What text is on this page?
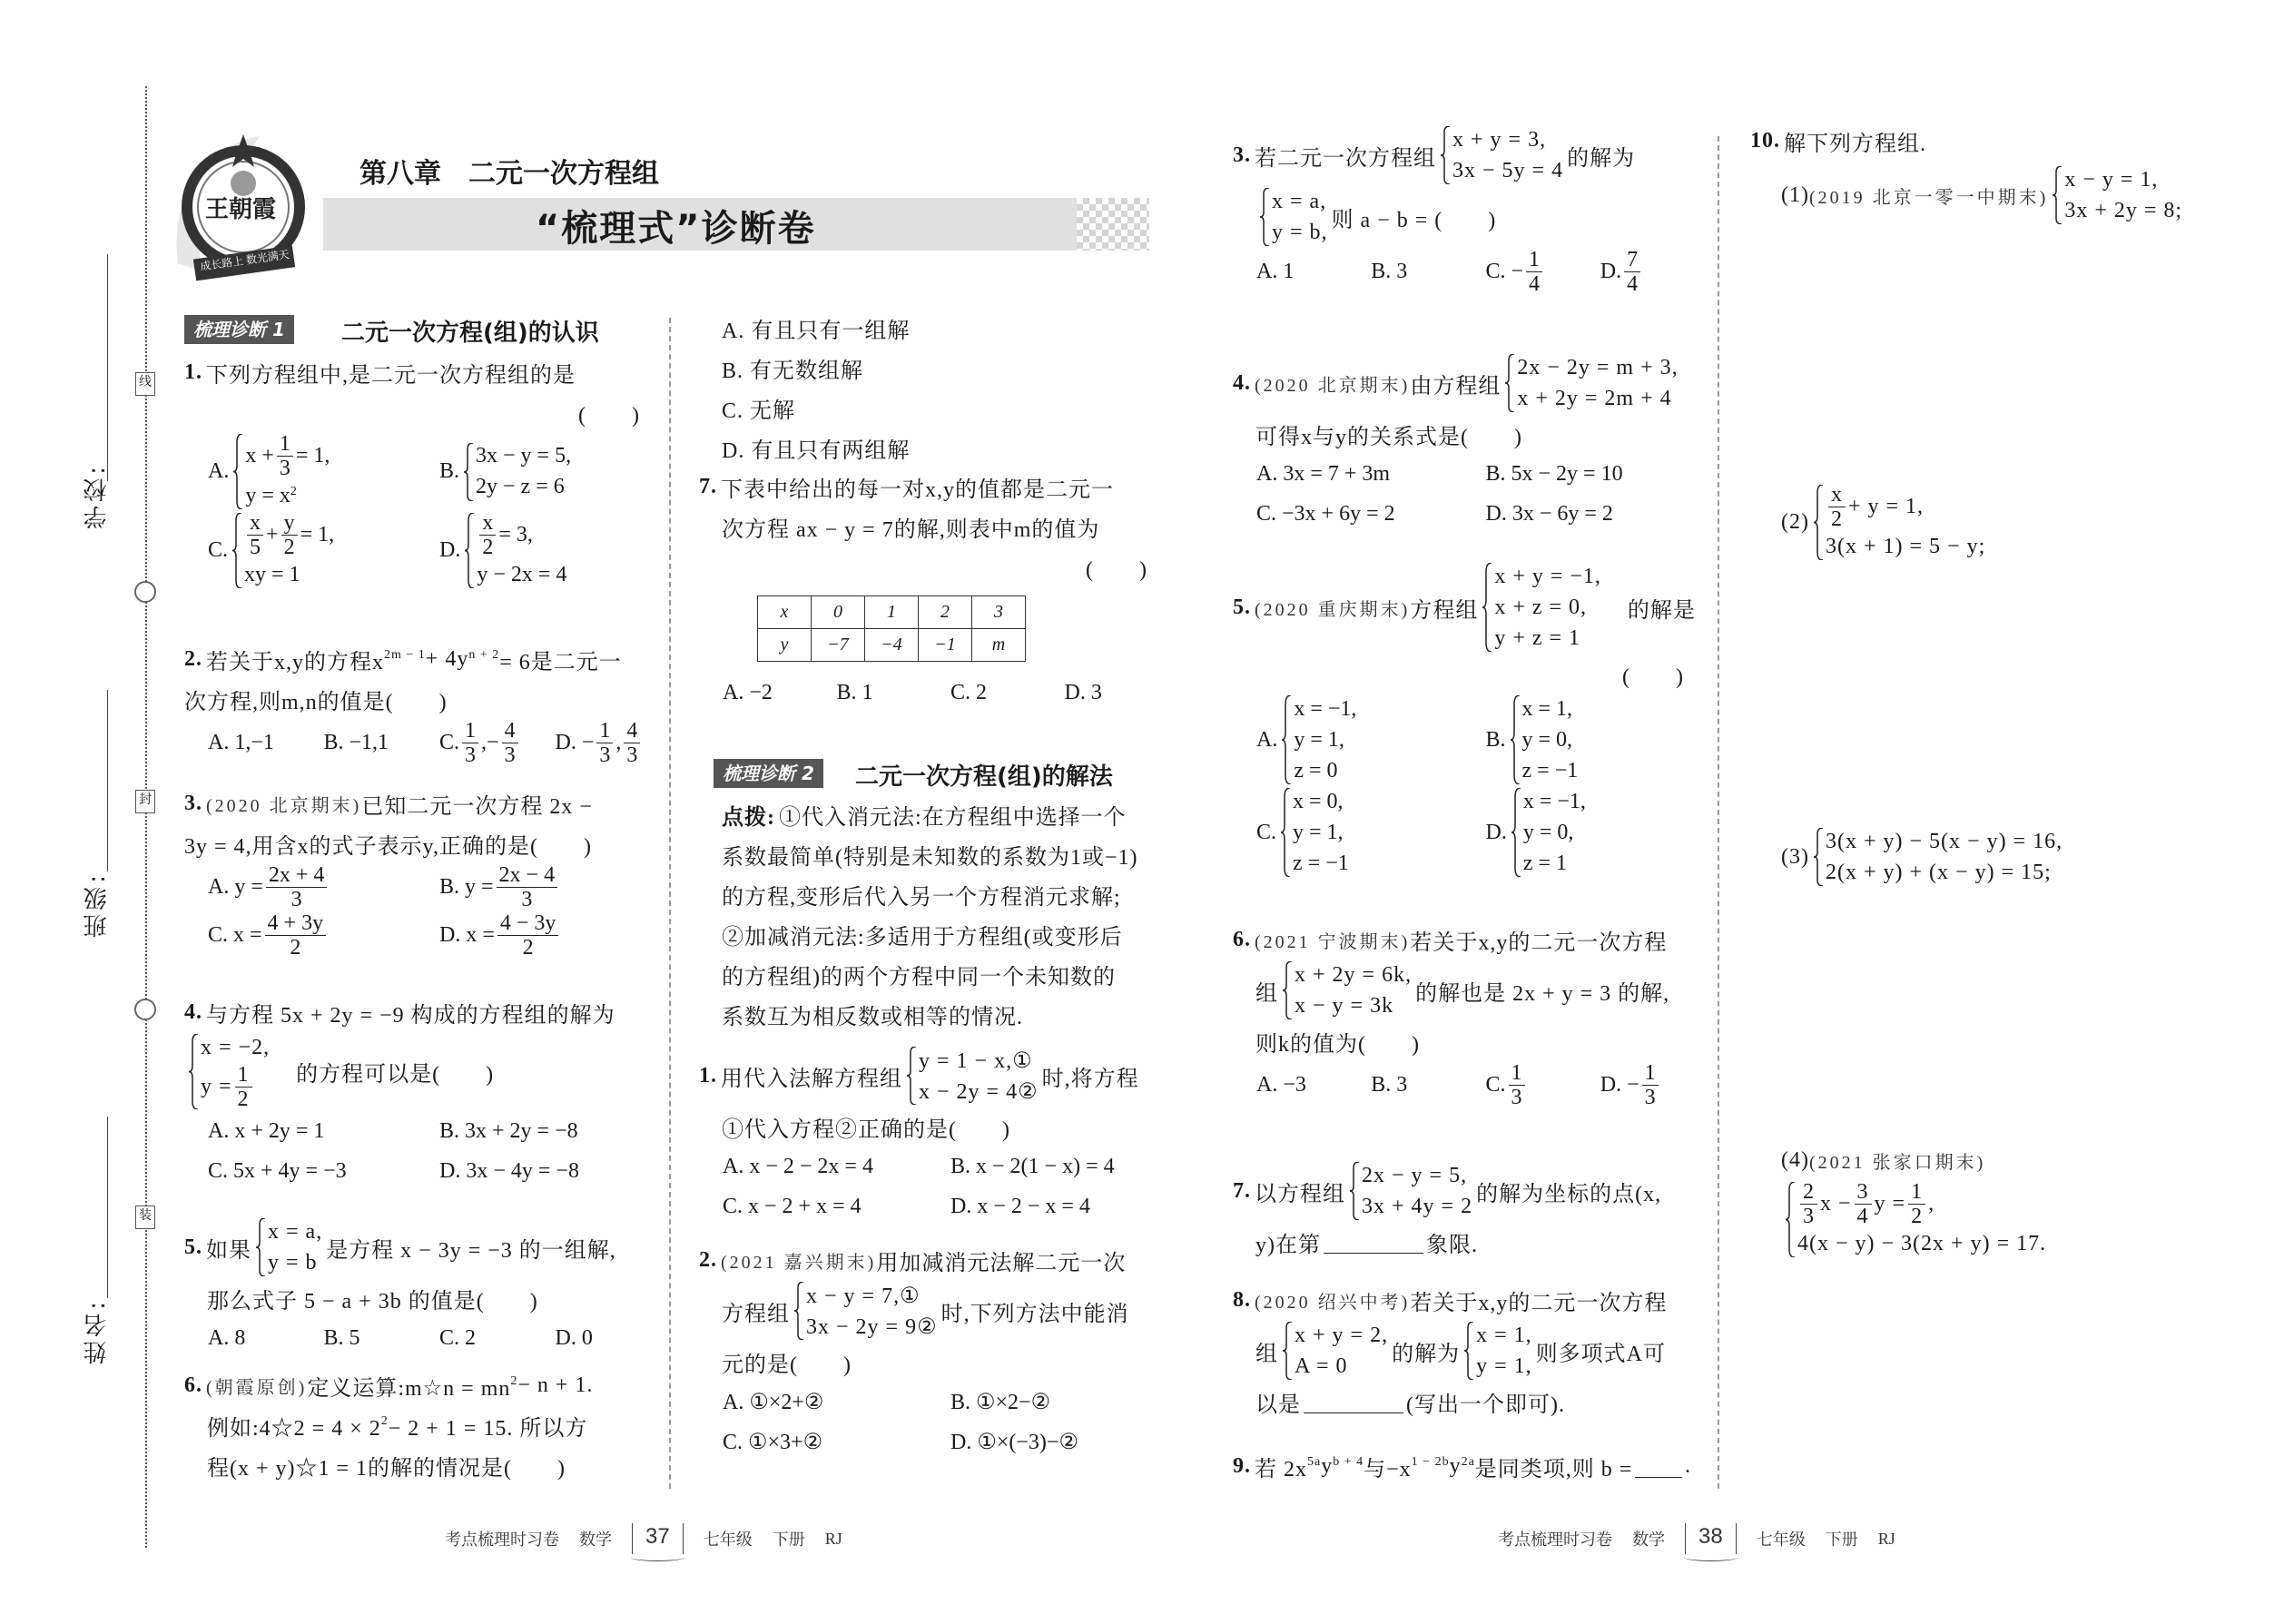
学校:
班级:
姓名:
线
封
装
王朝霞
成长路上 数光满天
第八章　二元一次方程组
“梳理式”诊断卷
梳理诊断 1	二元一次方程(组)的认识
梳理诊断 2	二元一次方程(组)的解法
1. 下列方程组中,是二元一次方程组的是
(　　)
A.
$x + \frac{1}{3} = 1$,
$y = x^2$
B.
3x − y = 5,
2y − z = 6
C. $\frac{x}{5} + \frac{y}{2} = 1$,
xy = 1
D. $\frac{x}{2} = 3$,
y − 2x = 4
2. 若关于x,y的方程$x^{2m - 1} + 4y^{n + 2} = 6$是二元一
次方程,则m,n的值是(　　)
A. 1,−1 B. −1,1 C. $\frac{1}{3}$ ,− $\frac{4}{3} D$. − $\frac{1}{3}$ , $\frac{4}{3}$
3. (2020 北京期末) 已知二元一次方程 2x −
3y = 4,用含x的式子表示y,正确的是(　　)
A. $y = \frac{2x + 4}{3}$	B. $y = \frac{2x - 4}{3}$
C. $x = \frac{4 + 3y}{2}$	D. $x = \frac{4 - 3y}{2}$
4. 与方程 5x + 2y = −9 构成的方程组的解为
x = −2,
$y = \frac{1}{2}$ 　的方程可以是(　　)
A. x + 2y = 1	B. 3x + 2y = −8
C. 5x + 4y = −3	D. 3x − 4y = −8
5. 如果
x = a,
y = b 是方程 x − 3y = −3 的一组解,
　那么式子 5 − a + 3b 的值是(　　)
A. 8	B. 5	C. 2	D. 0
6. (朝霞原创) 定义运算:m☆n = $mn^2 - n + 1$.
　例如:4☆2 = $4 \times 2^2 - 2 + 1 = 15$. 所以方
　程(x + y)☆1 = 1的解的情况是(　　)
A. 有且只有一组解
B. 有无数组解
C. 无解
D. 有且只有两组解
7. 下表中给出的每一对x,y的值都是二元一
　次方程 ax − y = 7的解,则表中m的值为
(　　)
x	0	1	2	3
y	−7	−4	−1	m
A. −2	B. 1	C. 2	D. 3
点拨: ①代入消元法:在方程组中选择一个
系数最简单(特别是未知数的系数为1或−1)
的方程,变形后代入另一个方程消元求解;
②加减消元法:多适用于方程组(或变形后
的方程组)的两个方程中同一个未知数的
系数互为相反数或相等的情况.
1. 用代入法解方程组
y = 1 − x,①
x − 2y = 4②
时,将方程
　①代入方程②正确的是(　　)
A. x − 2 − 2x = 4	B. x − 2(1 − x) = 4
C. x − 2 + x = 4	D. x − 2 − x = 4
2. (2021 嘉兴期末) 用加减消元法解二元一次
　方程组
x − y = 7,①
3x − 2y = 9②
时,下列方法中能消
　元的是(　　)
A. ①×2+②	B. ①×2−②
C. ①×3+②	D. ①×(−3)−②
3. 若二元一次方程组
x + y = 3,
3x − 5y = 4 的解为

x = a,
y = b, 则 a − b = (　　)
A. 1	B. 3	C. − $\frac{1}{4}$	D. $\frac{7}{4}$
4. (2020 北京期末) 由方程组
2x − 2y = m + 3,
x + 2y = 2m + 4
　可得x与y的关系式是(　　)
A. 3x = 7 + 3m	B. 5x − 2y = 10
C. −3x + 6y = 2	D. 3x − 6y = 2
5. (2020 重庆期末) 方程组
x + y = −1,
x + z = 0,
y + z = 1
　的解是
(　　)
A.
x = −1,
y = 1,
z = 0
B.
x = 1,
y = 0,
z = −1
C.
x = 0,
y = 1,
z = −1
D.
x = −1,
y = 0,
z = 1
6. (2021 宁波期末) 若关于x,y的二元一次方程
　组
x + 2y = 6k,
x − y = 3k 的解也是 2x + y = 3 的解,
　则k的值为(　　)
A. −3	B. 3	C. $\frac{1}{3}$	D. − $\frac{1}{3}$
7. 以方程组
2x − y = 5,
3x + 4y = 2 的解为坐标的点(x,
　y)在第	象限.
8. (2020 绍兴中考) 若关于x,y的二元一次方程
　组
x + y = 2,
A = 0 的解为
x = 1,
y = 1, 则多项式A可
　以是	(写出一个即可).
9. 若 $2x^{5a}$ $y^{b + 4}$ 与$-x^{1 - 2b}$ $y^{2a}$ 是同类项,则 b = .
10. 解下列方程组.
(1) (2019 北京一零一中期末)
x − y = 1,
3x + 2y = 8;
$(2) \frac{x}{2} + y = 1$,
3(x + 1) = 5 − y;
(3)
3(x + y) − 5(x − y) = 16,
2(x + y) + (x − y) = 15;
(4) (2021 张家口期末)
$\frac{2}{3}$ $x - \frac{3}{4}$ $y = \frac{1}{2}$ ,
4(x − y) − 3(2x + y) = 17.
考点梳理时习卷 数学	37	七年级 下册 RJ	考点梳理时习卷 数学	38	七年级 下册 RJ
